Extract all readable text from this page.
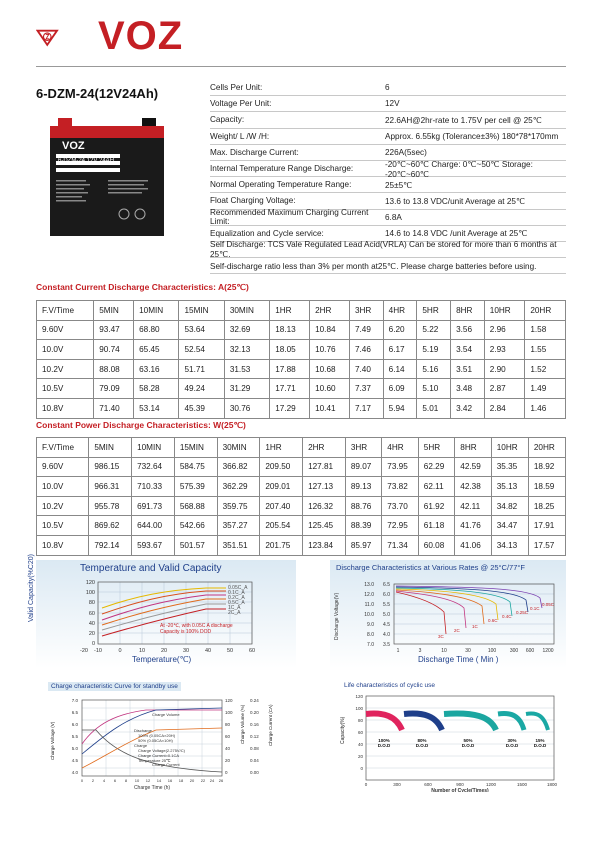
VOZ
6-DZM-24(12V24Ah)
VOZ
6-DZM-24 12V 24AH
Cells Per Unit:	6
Voltage Per Unit:	12V
Capacity:	22.6AH@2hr-rate to 1.75V per cell @ 25℃
Weight/ L /W /H:	Approx. 6.55kg (Tolerance±3%) 180*78*170mm
Max. Discharge Current:	226A(5sec)
Internal Temperature Range Discharge:	-20℃~60℃ Charge: 0℃~50℃ Storage: -20℃~60℃
Normal Operating Temperature Range:	25±5℃
Float Charging Voltage:	13.6 to 13.8 VDC/unit Average at 25℃
Recommended Maximum Charging Current Limit:	6.8A
Equalization and Cycle service:	14.6 to 14.8 VDC /unit Average at 25℃
Self Discharge: TCS Vale Regulated Lead Acid(VRLA) Can be stored for more than 6 months at 25℃.
Self-discharge ratio less than 3% per month at25℃. Please charge batteries before using.
Constant Current Discharge Characteristics: A(25℃)
F.V/Time	5MIN	10MIN	15MIN	30MIN	1HR	2HR	3HR	4HR	5HR	8HR	10HR	20HR
9.60V	93.47	68.80	53.64	32.69	18.13	10.84	7.49	6.20	5.22	3.56	2.96	1.58
10.0V	90.74	65.45	52.54	32.13	18.05	10.76	7.46	6.17	5.19	3.54	2.93	1.55
10.2V	88.08	63.16	51.71	31.53	17.88	10.68	7.40	6.14	5.16	3.51	2.90	1.52
10.5V	79.09	58.28	49.24	31.29	17.71	10.60	7.37	6.09	5.10	3.48	2.87	1.49
10.8V	71.40	53.14	45.39	30.76	17.29	10.41	7.17	5.94	5.01	3.42	2.84	1.46
Constant Power Discharge Characteristics: W(25℃)
F.V/Time	5MIN	10MIN	15MIN	30MIN	1HR	2HR	3HR	4HR	5HR	8HR	10HR	20HR
9.60V	986.15	732.64	584.75	366.82	209.50	127.81	89.07	73.95	62.29	42.59	35.35	18.92
10.0V	966.31	710.33	575.39	362.29	209.01	127.13	89.13	73.82	62.11	42.38	35.13	18.59
10.2V	955.78	691.73	568.88	359.75	207.40	126.32	88.76	73.70	61.92	42.11	34.82	18.25
10.5V	869.62	644.00	542.66	357.27	205.54	125.45	88.39	72.95	61.18	41.76	34.47	17.91
10.8V	792.14	593.67	501.57	351.51	201.75	123.84	85.97	71.34	60.08	41.06	34.13	17.57
Temperature and Valid Capacity
Valid Capacity(%C20)	0.05C_A
0.1C_A
0.2C_A
0.5C_A
1C_A
2C_A
At -20℃, with 0.05C A discharge
Capacity is 100% DOD
120
100
80
60
40
20
0
-20 -10	0	10	20	30	40	50	60
Temperature(℃)
Discharge Characteristics at Various Rates @ 25°C/77°F
Discharge Voltage(V)	3C
2C
1C
0.6C
0.4C
0.25C
0.1C
0.05C
13.0
12.0
11.0
10.0
9.0
8.0
7.0
6.5
6.0
5.5
5.0
4.5
4.0
3.5
1	3	10	30	100	300 600 1200
Discharge Time ( Min )
Charge characteristic Curve for standby use
Charge Voltage (V)	Charge Volume (%)	Charge Current (CA)
Charge Volume
Charge Current
Discharge
100% (0.05CA×20H)
50% (0.05CA×10H)
Charge
Charge Voltage(2.275V/C)
Charge Current=0.1CA
Temperature 25℃
7.0
6.5
6.0
5.5
5.0
4.5
4.0
120
100
80
60
40
20
0
0.24
0.20
0.16
0.12
0.08
0.04
0.00
0 2 4 6 8 10 12 14 16 18 20 22 24 26
Charge Time (h)
Life characteristics of cyclic use
Capacity(%)	100%
D.O.D
80%
D.O.D
50%
D.O.D
30%
D.O.D
15%
D.O.D
120
100
80
60
40
20
0
0	300	600	900	1200	1500	1800
Number of Cycle(Times)
